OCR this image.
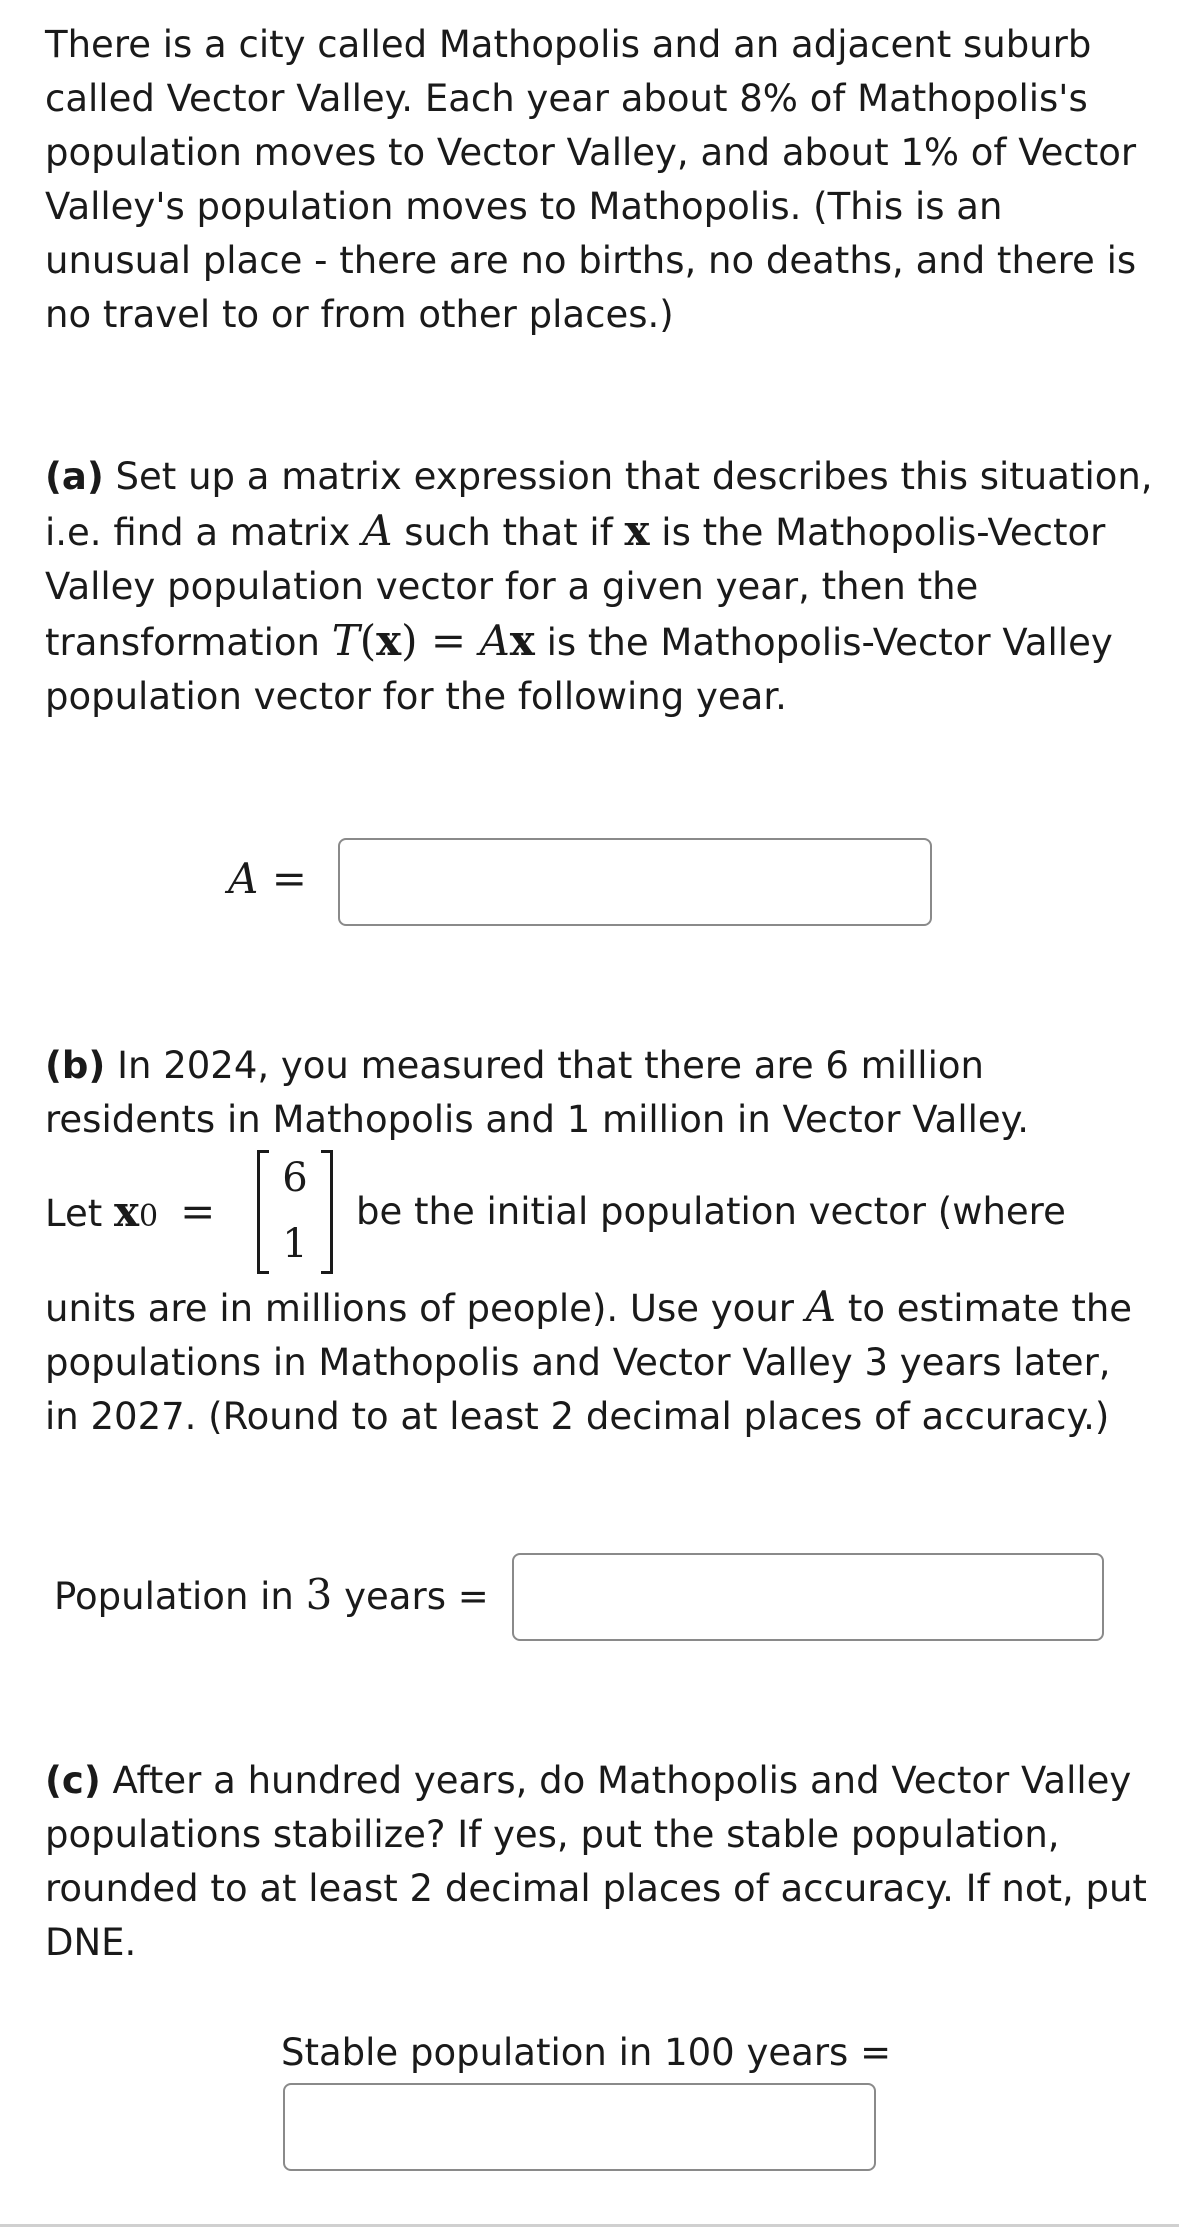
There is a city called Mathopolis and an adjacent suburb called Vector Valley. Each year about 8% of Mathopolis's population moves to Vector Valley, and about 1% of Vector Valley's population moves to Mathopolis. (This is an unusual place - there are no births, no deaths, and there is no travel to or from other places.)

(a) Set up a matrix expression that describes this situation, i.e. find a matrix A such that if x is the Mathopolis-Vector Valley population vector for a given year, then the transformation T(x) = Ax is the Mathopolis-Vector Valley population vector for the following year.

A =

(b) In 2024, you measured that there are 6 million residents in Mathopolis and 1 million in Vector Valley.

Let x0 =
6
1
be the initial population vector (where

units are in millions of people). Use your A to estimate the populations in Mathopolis and Vector Valley 3 years later, in 2027. (Round to at least 2 decimal places of accuracy.)

Population in 3 years =

(c) After a hundred years, do Mathopolis and Vector Valley populations stabilize? If yes, put the stable population, rounded to at least 2 decimal places of accuracy. If not, put DNE.

Stable population in 100 years =
